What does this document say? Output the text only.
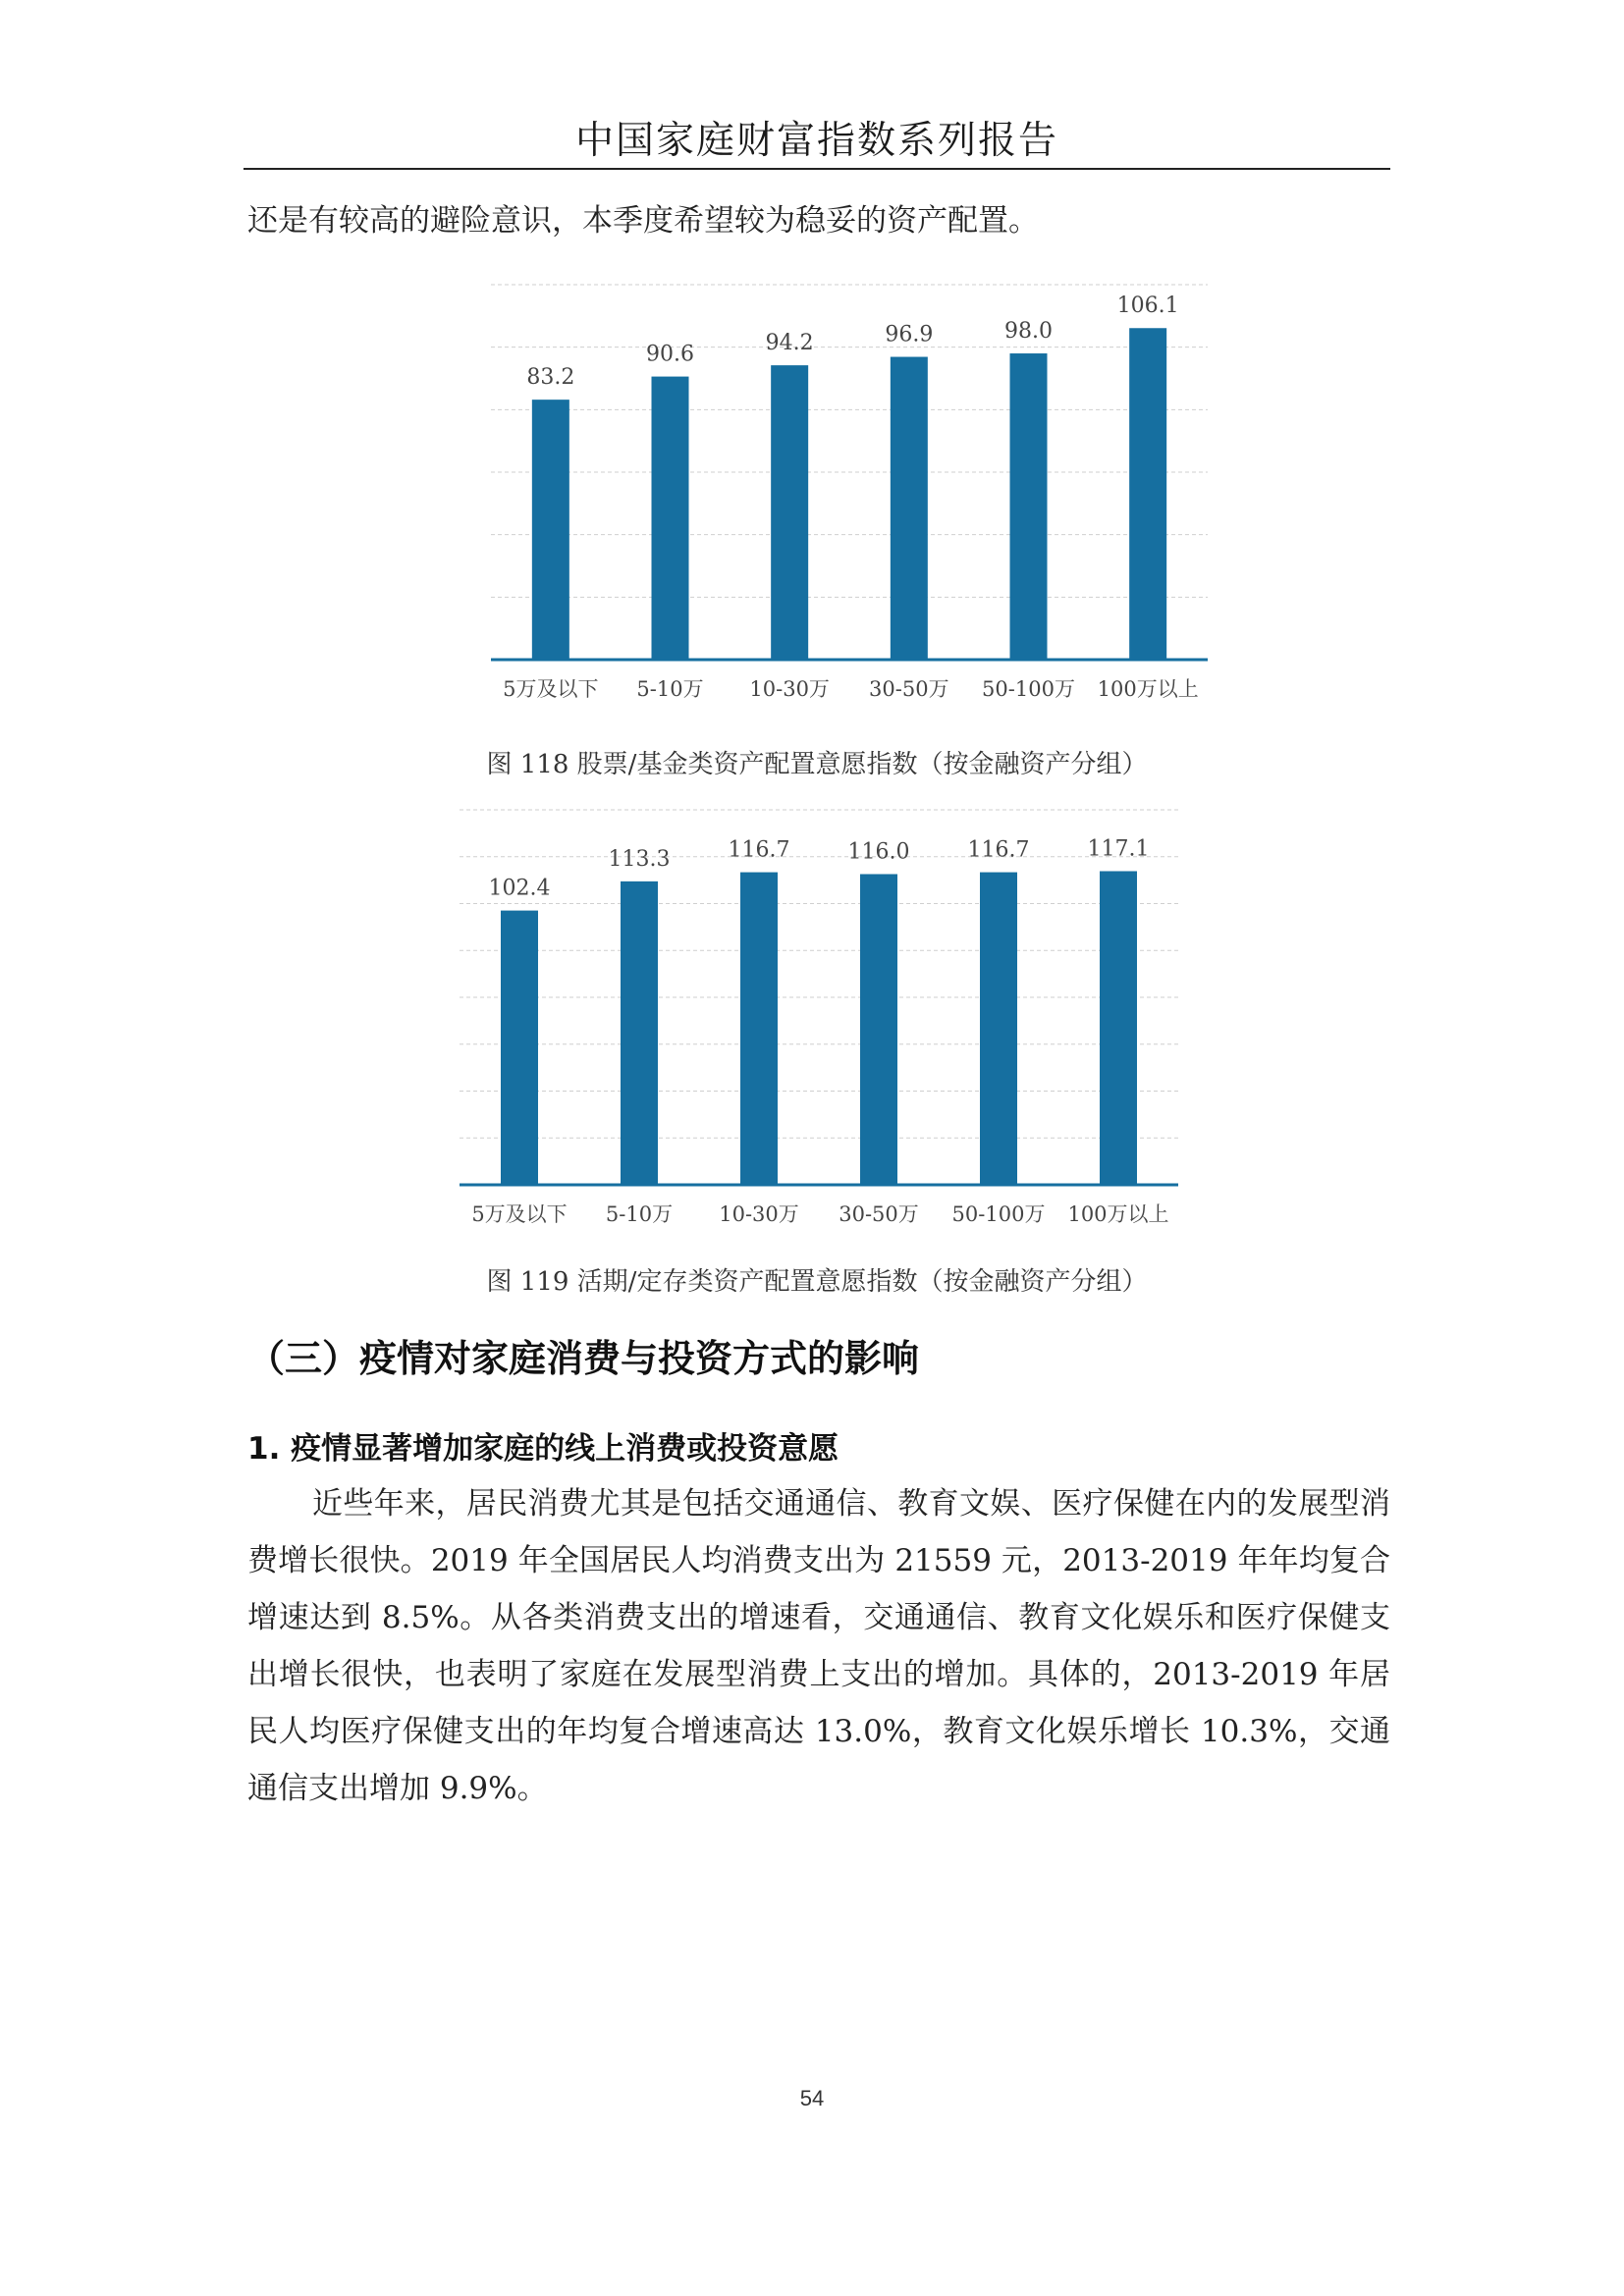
中国家庭财富指数系列报告

还是有较高的避险意识，本季度希望较为稳妥的资产配置。

83.2
5万及以下
90.6
5-10万
94.2
10-30万
96.9
30-50万
98.0
50-100万
106.1
100万以上
图 118 股票/基金类资产配置意愿指数（按金融资产分组）
102.4
5万及以下
113.3
5-10万
116.7
10-30万
116.0
30-50万
116.7
50-100万
117.1
100万以上
图 119 活期/定存类资产配置意愿指数（按金融资产分组）
（三）疫情对家庭消费与投资方式的影响
1. 疫情显著增加家庭的线上消费或投资意愿

近些年来，居民消费尤其是包括交通通信、教育文娱、医疗保健在内的发展型消费增长很快。2019 年全国居民人均消费支出为 21559 元，2013-2019 年年均复合增速达到 8.5%。从各类消费支出的增速看，交通通信、教育文化娱乐和医疗保健支出增长很快，也表明了家庭在发展型消费上支出的增加。具体的，2013-2019 年居民人均医疗保健支出的年均复合增速高达 13.0%，教育文化娱乐增长 10.3%，交通通信支出增加 9.9%。

54
